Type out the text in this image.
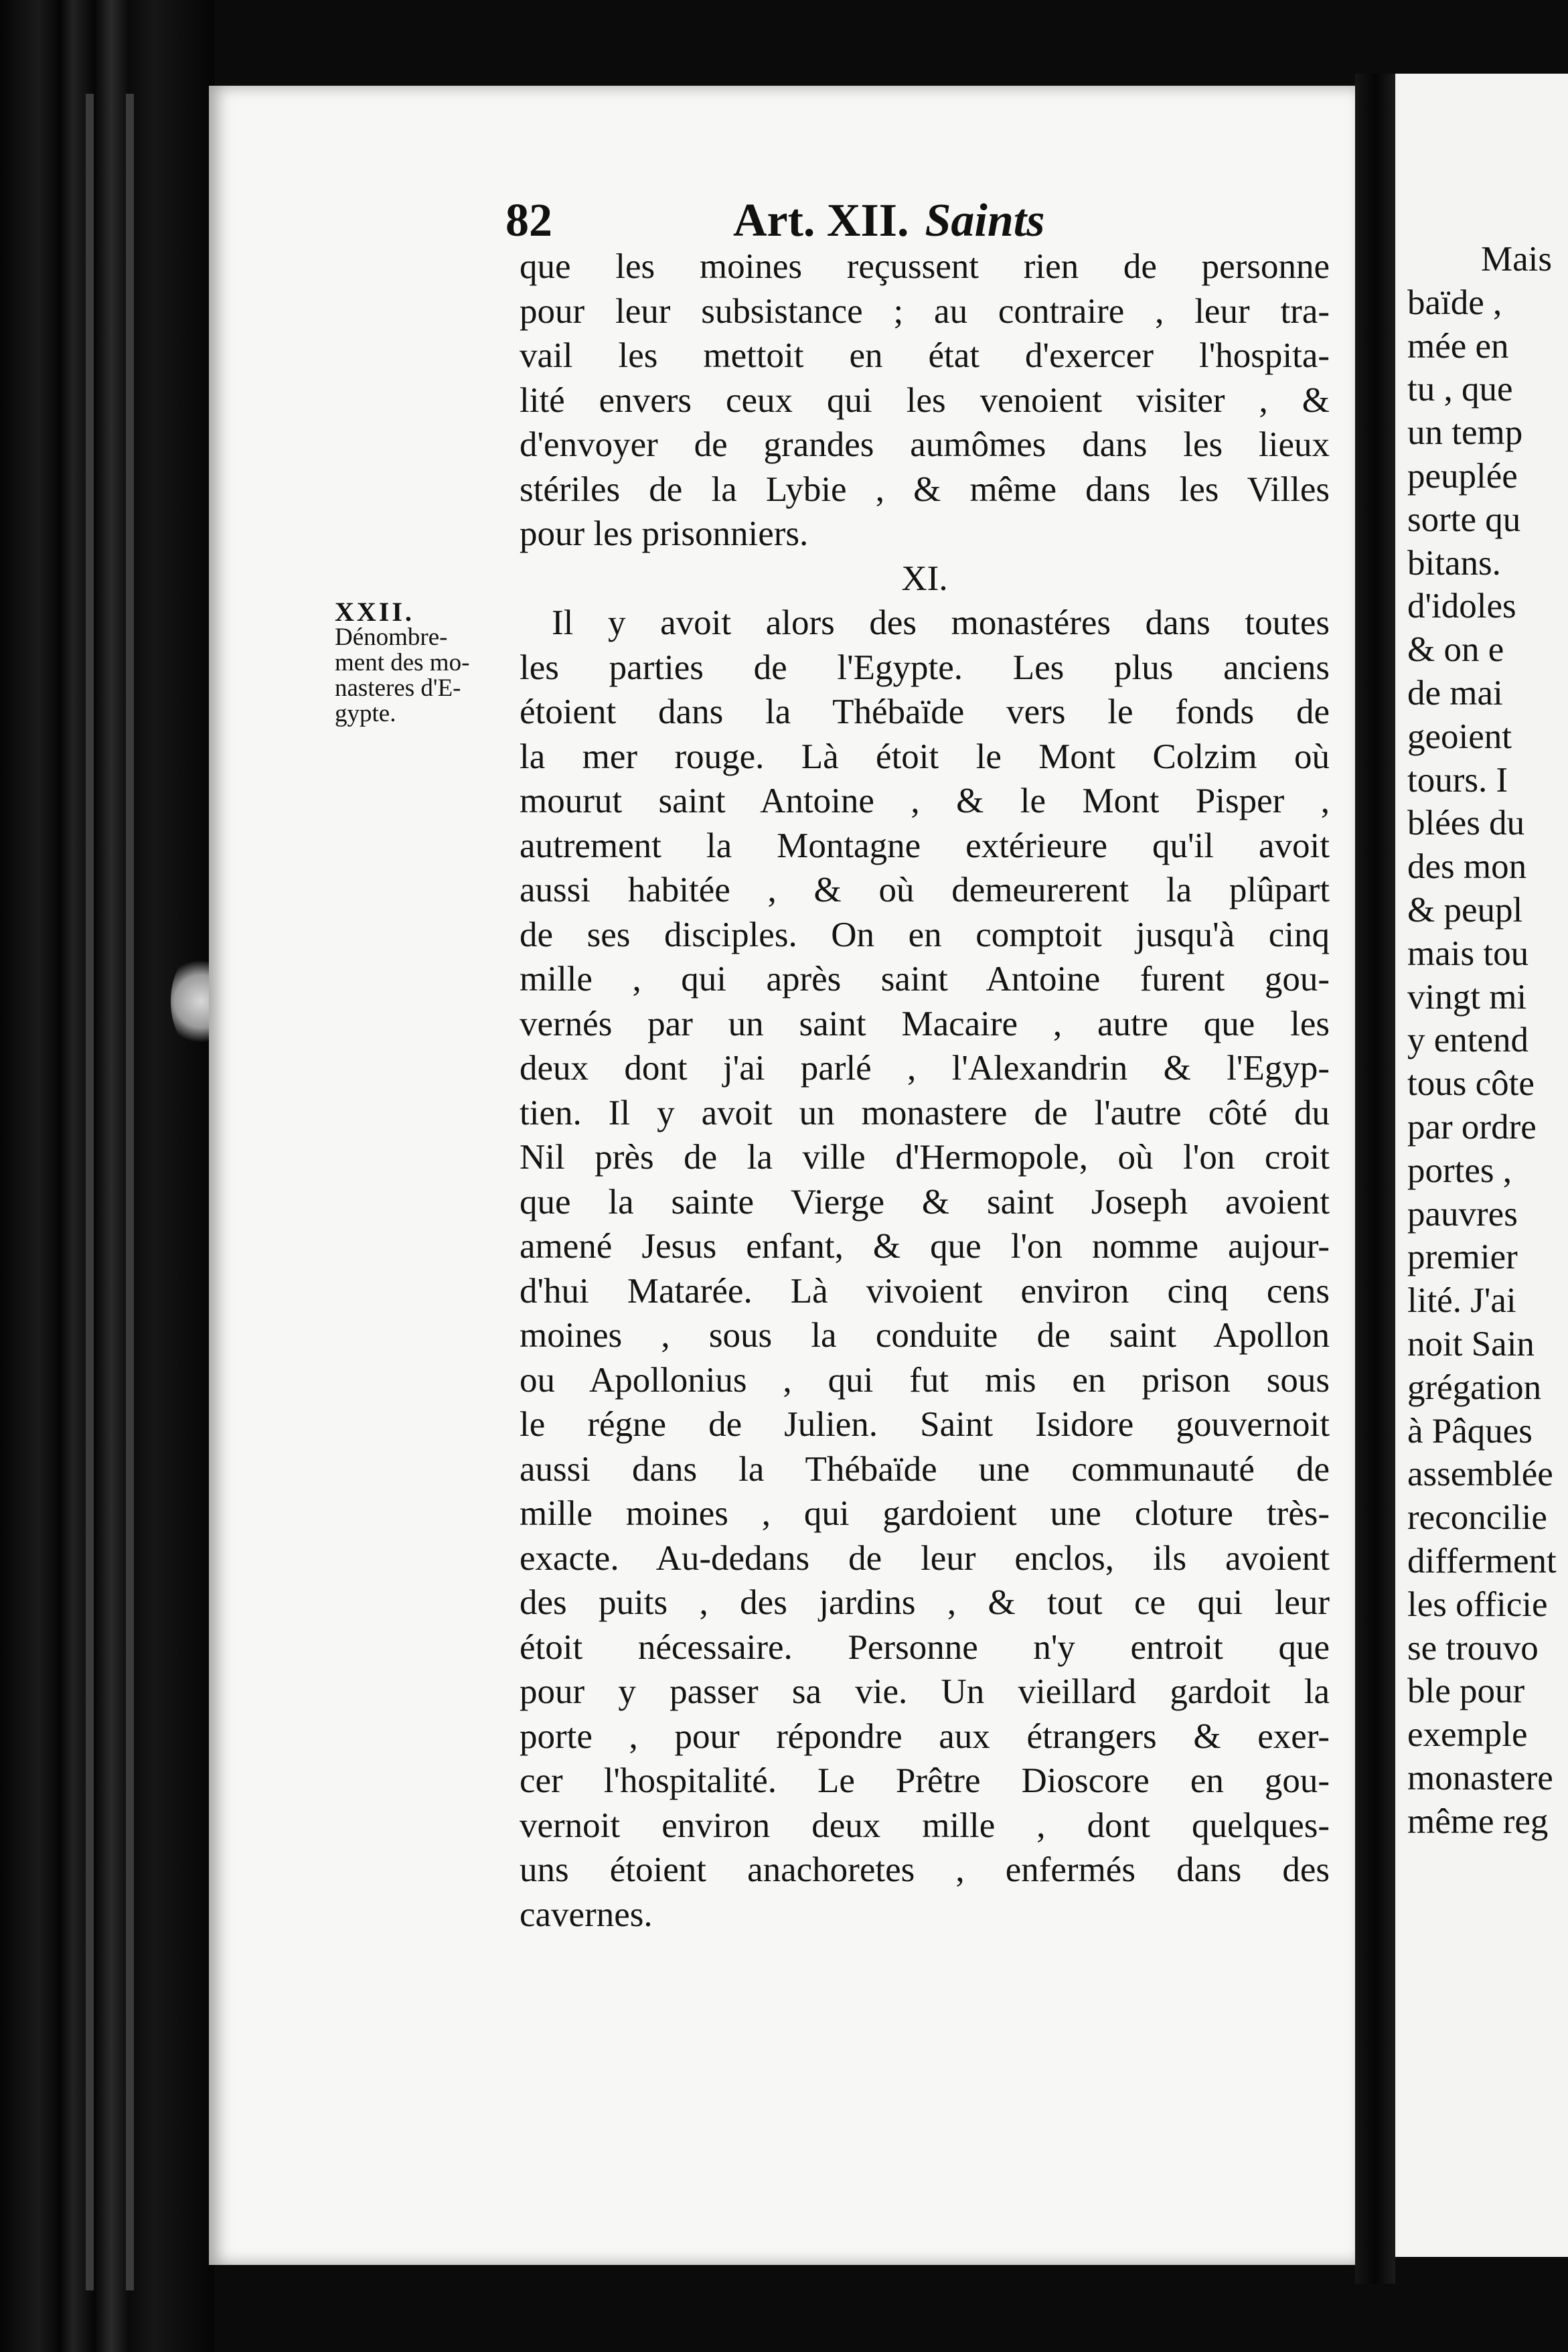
Mais
baïde ,
mée en
tu , que
un temp
peuplée
sorte qu
bitans.
d'idoles
& on e
de mai
geoient
tours. I
blées du
des mon
& peupl
mais tou
vingt mi
y entend
tous côte
par ordre
portes ,
pauvres
premier
lité. J'ai
noit Sain
grégation
à Pâques
assemblée
reconcilie
differment
les officie
se trouvo
ble pour
exemple
monastere
même reg
82	Art. XII. Saints
XXII.
Dénombre-
ment des mo-
nasteres d'E-
gypte.
que les moines reçussent rien de personne
pour leur subsistance ; au contraire , leur tra-
vail les mettoit en état d'exercer l'hospita-
lité envers ceux qui les venoient visiter , &
d'envoyer de grandes aumômes dans les lieux
stériles de la Lybie , & même dans les Villes
pour les prisonniers.
XI.
Il y avoit alors des monastéres dans toutes
les parties de l'Egypte. Les plus anciens
étoient dans la Thébaïde vers le fonds de
la mer rouge. Là étoit le Mont Colzim où
mourut saint Antoine , & le Mont Pisper ,
autrement la Montagne extérieure qu'il avoit
aussi habitée , & où demeurerent la plûpart
de ses disciples. On en comptoit jusqu'à cinq
mille , qui après saint Antoine furent gou-
vernés par un saint Macaire , autre que les
deux dont j'ai parlé , l'Alexandrin & l'Egyp-
tien. Il y avoit un monastere de l'autre côté du
Nil près de la ville d'Hermopole, où l'on croit
que la sainte Vierge & saint Joseph avoient
amené Jesus enfant, & que l'on nomme aujour-
d'hui Matarée. Là vivoient environ cinq cens
moines , sous la conduite de saint Apollon
ou Apollonius , qui fut mis en prison sous
le régne de Julien. Saint Isidore gouvernoit
aussi dans la Thébaïde une communauté de
mille moines , qui gardoient une cloture très-
exacte. Au-dedans de leur enclos, ils avoient
des puits , des jardins , & tout ce qui leur
étoit nécessaire. Personne n'y entroit que
pour y passer sa vie. Un vieillard gardoit la
porte , pour répondre aux étrangers & exer-
cer l'hospitalité. Le Prêtre Dioscore en gou-
vernoit environ deux mille , dont quelques-
uns étoient anachoretes , enfermés dans des
cavernes.
